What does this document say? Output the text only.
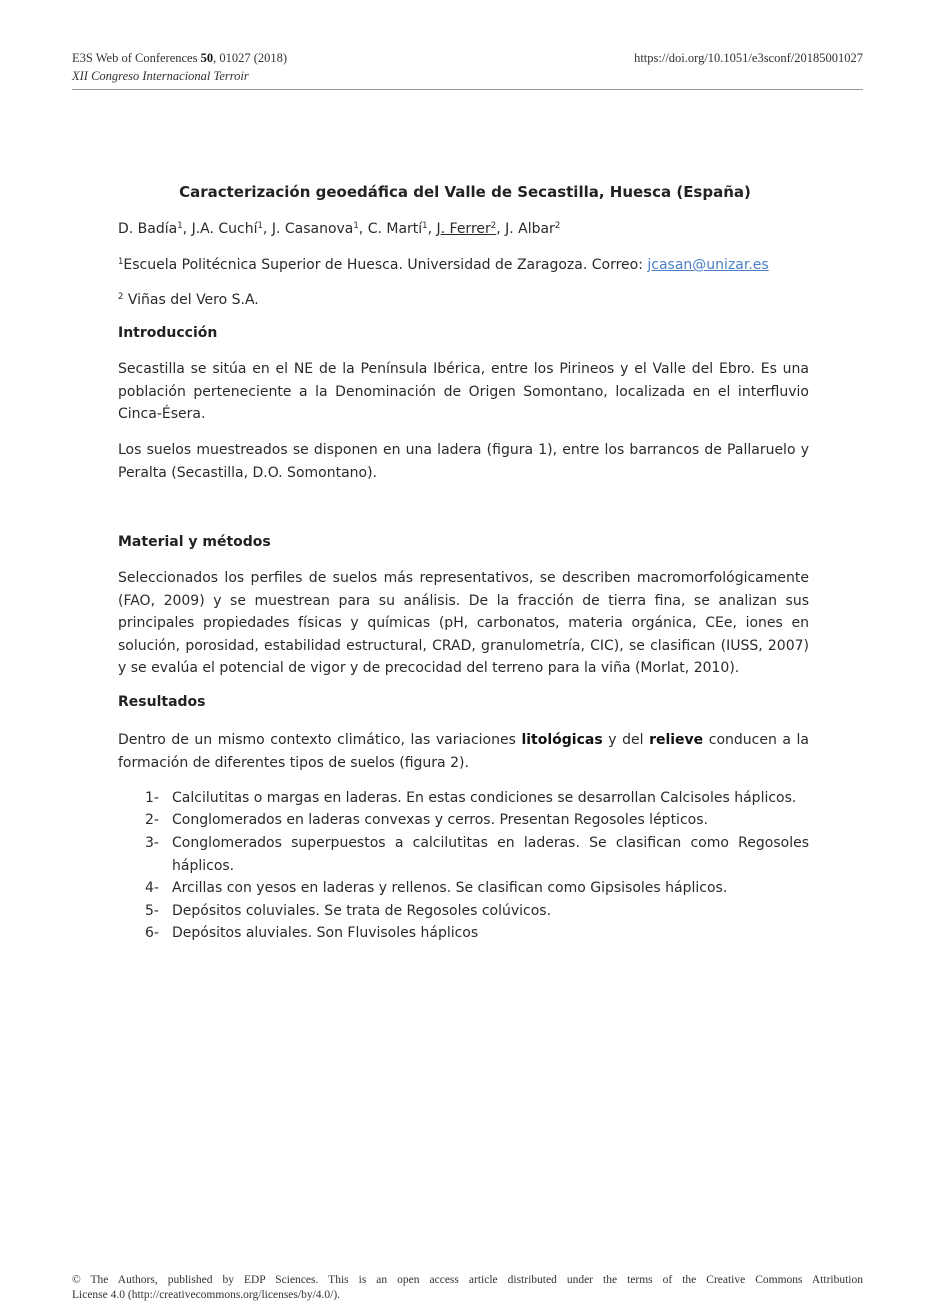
E3S Web of Conferences 50, 01027 (2018)
XII Congreso Internacional Terroir
https://doi.org/10.1051/e3sconf/20185001027
Caracterización geoedáfica del Valle de Secastilla, Huesca (España)
D. Badía$^1$, J.A. Cuchí$^1$, J. Casanova$^1$, C. Martí$^1$, J. Ferrer$^2$, J. Albar$^2$
$^1$Escuela Politécnica Superior de Huesca. Universidad de Zaragoza. Correo: jcasan@unizar.es
$^2$ Viñas del Vero S.A.
Introducción
Secastilla se sitúa en el NE de la Península Ibérica, entre los Pirineos y el Valle del Ebro. Es una población perteneciente a la Denominación de Origen Somontano, localizada en el interfluvio Cinca-Ésera.
Los suelos muestreados se disponen en una ladera (figura 1), entre los barrancos de Pallaruelo y Peralta (Secastilla, D.O. Somontano).
Material y métodos
Seleccionados los perfiles de suelos más representativos, se describen macromorfológicamente (FAO, 2009) y se muestrean para su análisis. De la fracción de tierra fina, se analizan sus principales propiedades físicas y químicas (pH, carbonatos, materia orgánica, CEe, iones en solución, porosidad, estabilidad estructural, CRAD, granulometría, CIC), se clasifican (IUSS, 2007) y se evalúa el potencial de vigor y de precocidad del terreno para la viña (Morlat, 2010).
Resultados
Dentro de un mismo contexto climático, las variaciones litológicas y del relieve conducen a la formación de diferentes tipos de suelos (figura 2).
1- Calcilutitas o margas en laderas. En estas condiciones se desarrollan Calcisoles háplicos.
2- Conglomerados en laderas convexas y cerros. Presentan Regosoles lépticos.
3- Conglomerados superpuestos a calcilutitas en laderas. Se clasifican como Regosoles háplicos.
4- Arcillas con yesos en laderas y rellenos. Se clasifican como Gipsisoles háplicos.
5- Depósitos coluviales. Se trata de Regosoles colúvicos.
6- Depósitos aluviales. Son Fluvisoles háplicos
© The Authors, published by EDP Sciences. This is an open access article distributed under the terms of the Creative Commons Attribution
License 4.0 (http://creativecommons.org/licenses/by/4.0/).
